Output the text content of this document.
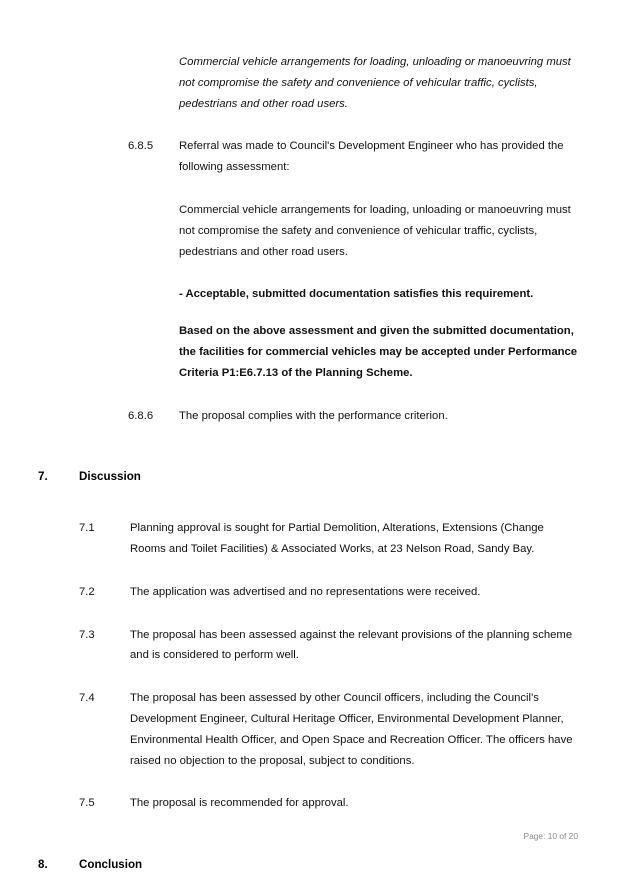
Commercial vehicle arrangements for loading, unloading or manoeuvring must not compromise the safety and convenience of vehicular traffic, cyclists, pedestrians and other road users.
6.8.5	Referral was made to Council's Development Engineer who has provided the following assessment:
Commercial vehicle arrangements for loading, unloading or manoeuvring must not compromise the safety and convenience of vehicular traffic, cyclists, pedestrians and other road users.
- Acceptable, submitted documentation satisfies this requirement.
Based on the above assessment and given the submitted documentation, the facilities for commercial vehicles may be accepted under Performance Criteria P1:E6.7.13 of the Planning Scheme.
6.8.6	The proposal complies with the performance criterion.
7.	Discussion
7.1	Planning approval is sought for Partial Demolition, Alterations, Extensions (Change Rooms and Toilet Facilities) & Associated Works, at 23 Nelson Road, Sandy Bay.
7.2	The application was advertised and no representations were received.
7.3	The proposal has been assessed against the relevant provisions of the planning scheme and is considered to perform well.
7.4	The proposal has been assessed by other Council officers, including the Council's Development Engineer, Cultural Heritage Officer, Environmental Development Planner, Environmental Health Officer, and Open Space and Recreation Officer. The officers have raised no objection to the proposal, subject to conditions.
7.5	The proposal is recommended for approval.
8.	Conclusion
Page: 10 of 20
